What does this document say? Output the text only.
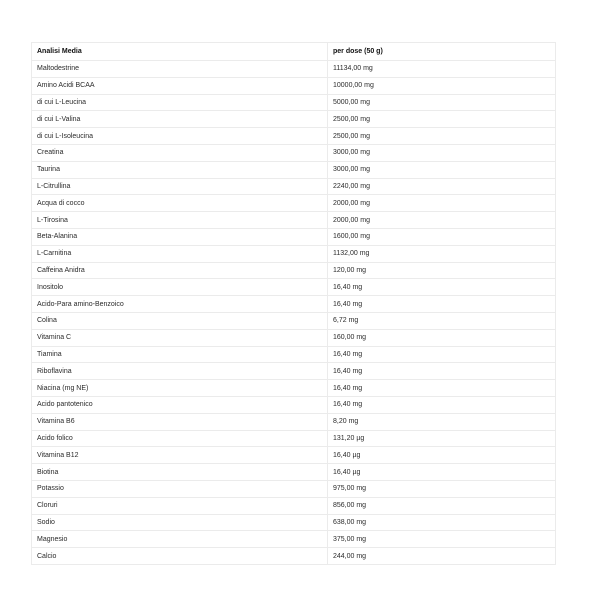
Analisi Media	per dose (50 g)
Maltodestrine	11134,00 mg
Amino Acidi BCAA	10000,00 mg
di cui L-Leucina	5000,00 mg
di cui L-Valina	2500,00 mg
di cui L-Isoleucina	2500,00 mg
Creatina	3000,00 mg
Taurina	3000,00 mg
L-Citrullina	2240,00 mg
Acqua di cocco	2000,00 mg
L-Tirosina	2000,00 mg
Beta-Alanina	1600,00 mg
L-Carnitina	1132,00 mg
Caffeina Anidra	120,00 mg
Inositolo	16,40 mg
Acido-Para amino-Benzoico	16,40 mg
Colina	6,72 mg
Vitamina C	160,00 mg
Tiamina	16,40 mg
Riboflavina	16,40 mg
Niacina (mg NE)	16,40 mg
Acido pantotenico	16,40 mg
Vitamina B6	8,20 mg
Acido folico	131,20 µg
Vitamina B12	16,40 µg
Biotina	16,40 µg
Potassio	975,00 mg
Cloruri	856,00 mg
Sodio	638,00 mg
Magnesio	375,00 mg
Calcio	244,00 mg
